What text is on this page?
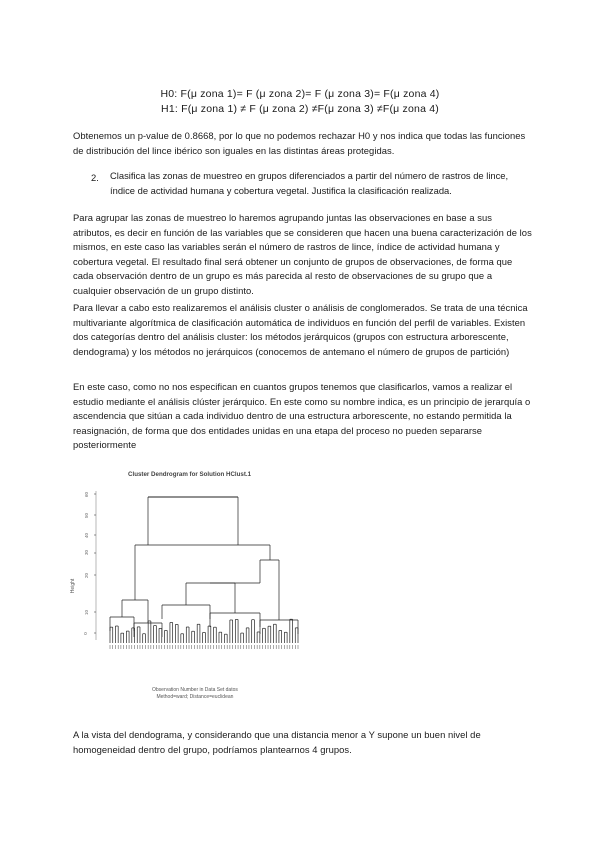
H0: F(μ zona 1)= F (μ zona 2)= F (μ zona 3)= F(μ zona 4)
H1: F(μ zona 1) ≠ F (μ zona 2) ≠F(μ zona 3) ≠F(μ zona 4)

Obtenemos un p-value de 0.8668, por lo que no podemos rechazar H0 y nos indica que todas las funciones de distribución del lince ibérico son iguales en las distintas áreas protegidas.

2. Clasifica las zonas de muestreo en grupos diferenciados a partir del número de rastros de lince, índice de actividad humana y cobertura vegetal. Justifica la clasificación realizada.

Para agrupar las zonas de muestreo lo haremos agrupando juntas las observaciones en base a sus atributos, es decir en función de las variables que se consideren que hacen una buena caracterización de los mismos, en este caso las variables serán el número de rastros de lince, índice de actividad humana y cobertura vegetal. El resultado final será obtener un conjunto de grupos de observaciones, de forma que cada observación dentro de un grupo es más parecida al resto de observaciones de su grupo que a cualquier observación de un grupo distinto.

Para llevar a cabo esto realizaremos el análisis cluster o análisis de conglomerados. Se trata de una técnica multivariante algorítmica de clasificación automática de individuos en función del perfil de variables. Existen dos categorías dentro del análisis cluster: los métodos jerárquicos (grupos con estructura arborescente, dendograma) y los métodos no jerárquicos (conocemos de antemano el número de grupos de partición)

En este caso, como no nos especifican en cuantos grupos tenemos que clasificarlos, vamos a realizar el estudio mediante el análisis clúster jerárquico. En este como su nombre indica, es un principio de jerarquía o ascendencia que sitúan a cada individuo dentro de una estructura arborescente, no estando permitida la reasignación, de forma que dos entidades unidas en una etapa del proceso no pueden separarse posteriormente

Cluster Dendrogram for Solution HClust.1
Height
0
10
20
30
40
50
60
Observation Number in Data Set datos
Method=ward; Distance=euclidean

A la vista del dendograma, y considerando que una distancia menor a Y supone un buen nivel de homogeneidad dentro del grupo, podríamos plantearnos 4 grupos.
